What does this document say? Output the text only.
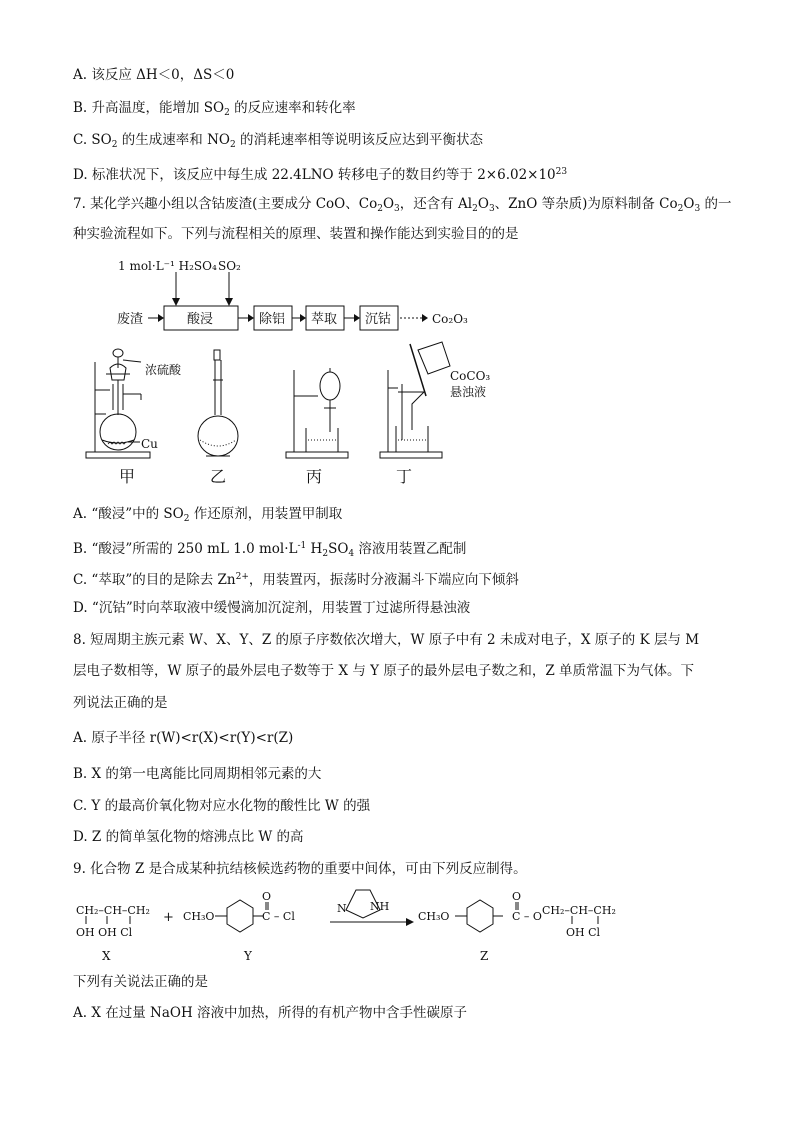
A. 该反应 ΔH＜0，ΔS＜0
B. 升高温度，能增加 $SO_2$ 的反应速率和转化率
C. $SO_2$ 的生成速率和 $NO_2$ 的消耗速率相等说明该反应达到平衡状态
D. 标准状况下，该反应中每生成 22.4LNO 转移电子的数目约等于 $2\times 6.02\times 10^{23}$
7. 某化学兴趣小组以含钴废渣(主要成分 CoO、$Co_2O_3$，还含有 $Al_2O_3$、ZnO 等杂质)为原料制备 $Co_2O_3$ 的一
种实验流程如下。下列与流程相关的原理、装置和操作能达到实验目的的是
1 mol·L⁻¹ H₂SO₄ SO₂
废渣	酸浸	除铝 萃取 沉钴	Co₂O₃
浓硫酸
Cu
CoCO₃
悬浊液
甲	乙	丙	丁
A. “酸浸”中的 $SO_2$ 作还原剂，用装置甲制取
B. “酸浸”所需的 250 mL 1.0 $mol\cdot L^{-1}$ $H_2SO_4$ 溶液用装置乙配制
C. “萃取”的目的是除去 $Zn^{2+}$，用装置丙，振荡时分液漏斗下端应向下倾斜
D. “沉钴”时向萃取液中缓慢滴加沉淀剂，用装置丁过滤所得悬浊液
8. 短周期主族元素 W、X、Y、Z 的原子序数依次增大，W 原子中有 2 未成对电子，X 原子的 K 层与 M
层电子数相等，W 原子的最外层电子数等于 X 与 Y 原子的最外层电子数之和，Z 单质常温下为气体。下
列说法正确的是
A. 原子半径 r(W)<r(X)<r(Y)<r(Z)
B. X 的第一电离能比同周期相邻元素的大
C. Y 的最高价氧化物对应水化物的酸性比 W 的强
D. Z 的简单氢化物的熔沸点比 W 的高
9. 化合物 Z 是合成某种抗结核候选药物的重要中间体，可由下列反应制得。
CH₂–CH–CH₂
OH OH Cl
X
+ CH₃O
O
C – Cl
Y
N NH
CH₃O
O
C – O CH₂–CH–CH₂
OH Cl
Z
下列有关说法正确的是
A. X 在过量 NaOH 溶液中加热，所得的有机产物中含手性碳原子
